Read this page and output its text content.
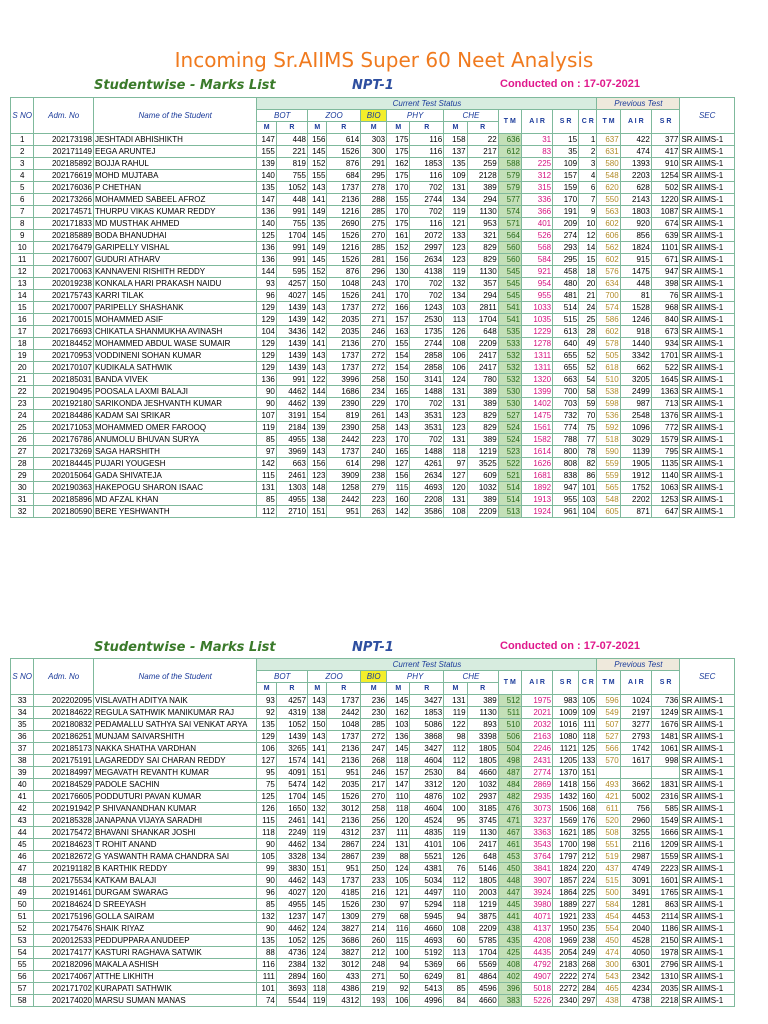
Incoming Sr.AIIMS Super 60 Neet Analysis
Studentwise - Marks List	NPT-1	Conducted on : 17-07-2021
S NO	Adm. No	Name of the Student	Current Test Status													Previous Test			SEC
			BOT		ZOO		BIO	PHY		CHE		T M	A I R	S R	C R	T M	A I R	S R	
			M	R	M	R	M	M	R	M	R								
1	202173198	JESHTADI ABHISHIKTH	147	448	156	614	303	175	116	158	22	636	31	15	1	637	422	377	SR AIIMS-1
2	202171149	EEGA ARUNTEJ	155	221	145	1526	300	175	116	137	217	612	83	35	2	631	474	417	SR AIIMS-1
3	202185892	BOJJA RAHUL	139	819	152	876	291	162	1853	135	259	588	225	109	3	580	1393	910	SR AIIMS-1
4	202176619	MOHD MUJTABA	140	755	155	684	295	175	116	109	2128	579	312	157	4	548	2203	1254	SR AIIMS-1
5	202176036	P CHETHAN	135	1052	143	1737	278	170	702	131	389	579	315	159	6	620	628	502	SR AIIMS-1
6	202173266	MOHAMMED SABEEL AFROZ	147	448	141	2136	288	155	2744	134	294	577	336	170	7	550	2143	1220	SR AIIMS-1
7	202174571	THURPU VIKAS KUMAR REDDY	136	991	149	1216	285	170	702	119	1130	574	366	191	9	563	1803	1087	SR AIIMS-1
8	202171833	MD MUSTHAK AHMED	140	755	135	2690	275	175	116	121	953	571	401	209	10	602	920	674	SR AIIMS-1
9	202185889	BODA BHANUDHAI	125	1704	145	1526	270	161	2072	133	321	564	526	274	12	606	856	639	SR AIIMS-1
10	202176479	GARIPELLY VISHAL	136	991	149	1216	285	152	2997	123	829	560	568	293	14	562	1824	1101	SR AIIMS-1
11	202176007	GUDURI ATHARV	136	991	145	1526	281	156	2634	123	829	560	584	295	15	602	915	671	SR AIIMS-1
12	202170063	KANNAVENI RISHITH REDDY	144	595	152	876	296	130	4138	119	1130	545	921	458	18	576	1475	947	SR AIIMS-1
13	202019238	KONKALA HARI PRAKASH NAIDU	93	4257	150	1048	243	170	702	132	357	545	954	480	20	634	448	398	SR AIIMS-1
14	202175743	KARRI TILAK	96	4027	145	1526	241	170	702	134	294	545	955	481	21	700	81	76	SR AIIMS-1
15	202170007	PARIPELLY SHASHANK	129	1439	143	1737	272	166	1243	103	2811	541	1033	514	24	574	1528	968	SR AIIMS-1
16	202170015	MOHAMMED ASIF	129	1439	142	2035	271	157	2530	113	1704	541	1035	515	25	586	1246	840	SR AIIMS-1
17	202176693	CHIKATLA SHANMUKHA AVINASH	104	3436	142	2035	246	163	1735	126	648	535	1229	613	28	602	918	673	SR AIIMS-1
18	202184452	MOHAMMED ABDUL WASE SUMAIR	129	1439	141	2136	270	155	2744	108	2209	533	1278	640	49	578	1440	934	SR AIIMS-1
19	202170953	VODDINENI SOHAN KUMAR	129	1439	143	1737	272	154	2858	106	2417	532	1311	655	52	505	3342	1701	SR AIIMS-1
20	202170107	KUDIKALA SATHWIK	129	1439	143	1737	272	154	2858	106	2417	532	1311	655	52	618	662	522	SR AIIMS-1
21	202185031	BANDA VIVEK	136	991	122	3996	258	150	3141	124	780	532	1320	663	54	510	3205	1645	SR AIIMS-1
22	202190495	POOSALA LAXMI BALAJI	90	4462	144	1686	234	165	1488	131	389	530	1399	700	58	538	2499	1363	SR AIIMS-1
23	202192180	SARIKONDA JESHVANTH KUMAR	90	4462	139	2390	229	170	702	131	389	530	1402	703	59	598	987	713	SR AIIMS-1
24	202184486	KADAM SAI SRIKAR	107	3191	154	819	261	143	3531	123	829	527	1475	732	70	536	2548	1376	SR AIIMS-1
25	202171053	MOHAMMED OMER FAROOQ	119	2184	139	2390	258	143	3531	123	829	524	1561	774	75	592	1096	772	SR AIIMS-1
26	202176786	ANUMOLU BHUVAN SURYA	85	4955	138	2442	223	170	702	131	389	524	1582	788	77	518	3029	1579	SR AIIMS-1
27	202173269	SAGA HARSHITH	97	3969	143	1737	240	165	1488	118	1219	523	1614	800	78	590	1139	795	SR AIIMS-1
28	202184445	PUJARI YOUGESH	142	663	156	614	298	127	4261	97	3525	522	1626	808	82	559	1905	1135	SR AIIMS-1
29	202015064	GADA SHIVATEJA	115	2461	123	3909	238	156	2634	127	609	521	1681	838	86	559	1912	1140	SR AIIMS-1
30	202190363	HAKEPOGU SHARON ISAAC	131	1303	148	1258	279	115	4693	120	1032	514	1892	947	101	565	1752	1063	SR AIIMS-1
31	202185896	MD AFZAL KHAN	85	4955	138	2442	223	160	2208	131	389	514	1913	955	103	548	2202	1253	SR AIIMS-1
32	202180590	BERE YESHWANTH	112	2710	151	951	263	142	3586	108	2209	513	1924	961	104	605	871	647	SR AIIMS-1
Studentwise - Marks List	NPT-1	Conducted on : 17-07-2021
S NO	Adm. No	Name of the Student	Current Test Status													Previous Test			SEC
			BOT		ZOO		BIO	PHY		CHE		T M	A I R	S R	C R	T M	A I R	S R	
			M	R	M	R	M	M	R	M	R								
33	202202095	VISLAVATH ADITYA NAIK	93	4257	143	1737	236	145	3427	131	389	512	1975	983	105	596	1024	736	SR AIIMS-1
34	202184622	REGULA SATHWIK MANIKUMAR RAJ	92	4319	138	2442	230	162	1853	119	1130	511	2021	1009	109	549	2197	1249	SR AIIMS-1
35	202180832	PEDAMALLU SATHYA SAI VENKAT ARYA	135	1052	150	1048	285	103	5086	122	893	510	2032	1016	111	507	3277	1676	SR AIIMS-1
36	202186251	MUNJAM SAIVARSHITH	129	1439	143	1737	272	136	3868	98	3398	506	2163	1080	118	527	2793	1481	SR AIIMS-1
37	202185173	NAKKA SHATHA VARDHAN	106	3265	141	2136	247	145	3427	112	1805	504	2246	1121	125	566	1742	1061	SR AIIMS-1
38	202175191	LAGAREDDY SAI CHARAN REDDY	127	1574	141	2136	268	118	4604	112	1805	498	2431	1205	133	570	1617	998	SR AIIMS-1
39	202184997	MEGAVATH REVANTH KUMAR	95	4091	151	951	246	157	2530	84	4660	487	2774	1370	151				SR AIIMS-1
40	202184529	PADOLE SACHIN	75	5474	142	2035	217	147	3312	120	1032	484	2869	1418	156	493	3662	1831	SR AIIMS-1
41	202176605	PODDUTURI PAVAN KUMAR	125	1704	145	1526	270	110	4876	102	2937	482	2935	1432	160	421	5002	2316	SR AIIMS-1
42	202191942	P SHIVANANDHAN KUMAR	126	1650	132	3012	258	118	4604	100	3185	476	3073	1506	168	611	756	585	SR AIIMS-1
43	202185328	JANAPANA VIJAYA SARADHI	115	2461	141	2136	256	120	4524	95	3745	471	3237	1569	176	520	2960	1549	SR AIIMS-1
44	202175472	BHAVANI SHANKAR JOSHI	118	2249	119	4312	237	111	4835	119	1130	467	3363	1621	185	508	3255	1666	SR AIIMS-1
45	202184623	T ROHIT ANAND	90	4462	134	2867	224	131	4101	106	2417	461	3543	1700	198	551	2116	1209	SR AIIMS-1
46	202182672	G YASWANTH RAMA CHANDRA SAI	105	3328	134	2867	239	88	5521	126	648	453	3764	1797	212	519	2987	1559	SR AIIMS-1
47	202191182	B KARTHIK REDDY	99	3830	151	951	250	124	4381	76	5146	450	3841	1824	220	437	4749	2223	SR AIIMS-1
48	202175534	KATKAM BALAJI	90	4462	143	1737	233	105	5034	112	1805	448	3907	1857	224	515	3091	1601	SR AIIMS-1
49	202191461	DURGAM SWARAG	96	4027	120	4185	216	121	4497	110	2003	447	3924	1864	225	500	3491	1765	SR AIIMS-1
50	202184624	D SREEYASH	85	4955	145	1526	230	97	5294	118	1219	445	3980	1889	227	584	1281	863	SR AIIMS-1
51	202175196	GOLLA SAIRAM	132	1237	147	1309	279	68	5945	94	3875	441	4071	1921	233	454	4453	2114	SR AIIMS-1
52	202175476	SHAIK RIYAZ	90	4462	124	3827	214	116	4660	108	2209	438	4137	1950	235	554	2040	1186	SR AIIMS-1
53	202012533	PEDDUPPARA ANUDEEP	135	1052	125	3686	260	115	4693	60	5785	435	4208	1969	238	450	4528	2150	SR AIIMS-1
54	202174177	KASTURI RAGHAVA SATWIK	88	4736	124	3827	212	100	5192	113	1704	425	4435	2054	249	474	4050	1978	SR AIIMS-1
55	202182096	MAKALA ASHISH	116	2384	132	3012	248	94	5369	66	5569	408	4792	2183	268	300	6301	2796	SR AIIMS-1
56	202174067	ATTHE LIKHITH	111	2894	160	433	271	50	6249	81	4864	402	4907	2222	274	543	2342	1310	SR AIIMS-1
57	202171702	KURAPATI SATHWIK	101	3693	118	4386	219	92	5413	85	4596	396	5018	2272	284	465	4234	2035	SR AIIMS-1
58	202174020	MARSU SUMAN MANAS	74	5544	119	4312	193	106	4996	84	4660	383	5226	2340	297	438	4738	2218	SR AIIMS-1
